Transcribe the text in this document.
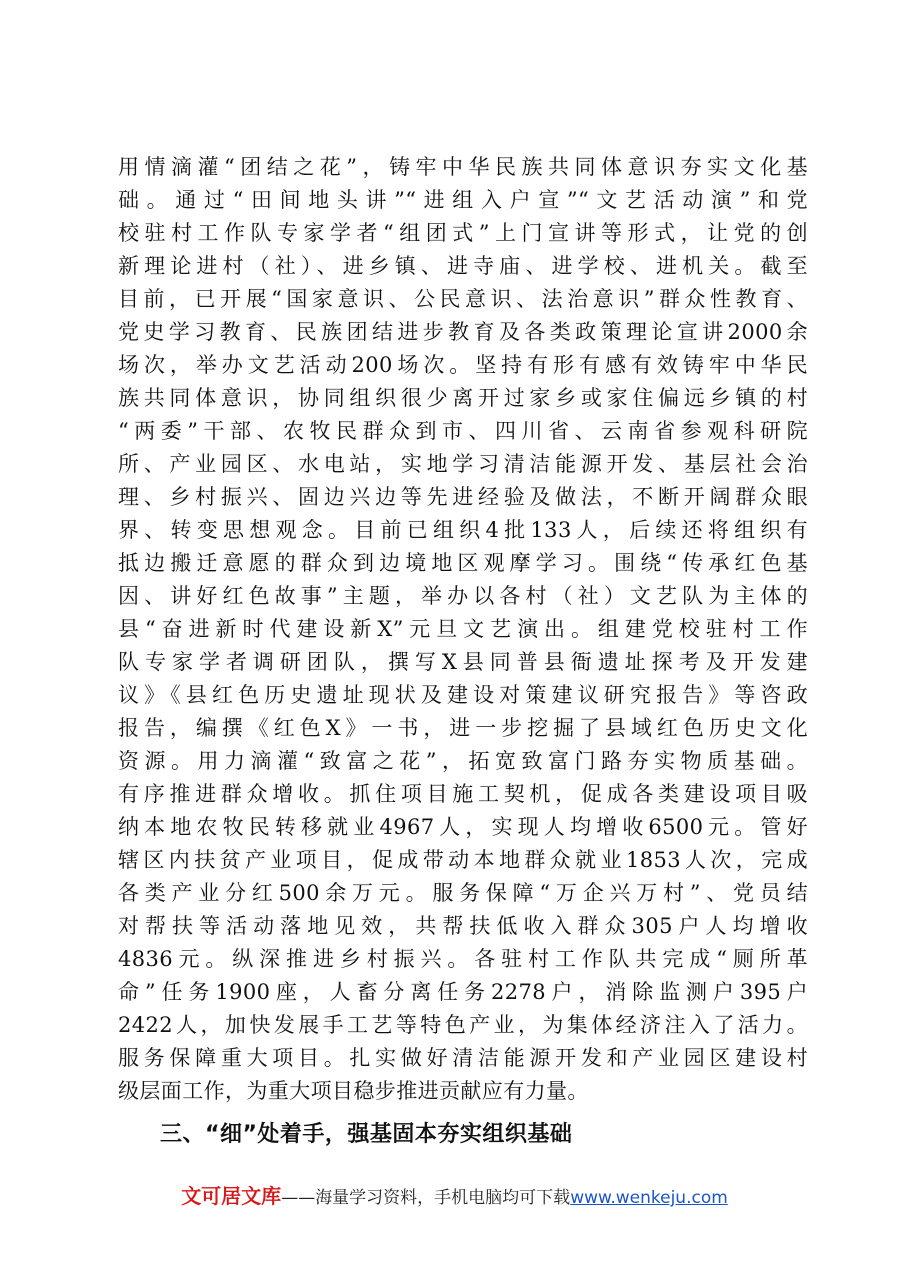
用情滴灌“团结之花”，铸牢中华民族共同体意识夯实文化基
础。通过“田间地头讲”“进组入户宣”“文艺活动演”和党
校驻村工作队专家学者“组团式”上门宣讲等形式，让党的创
新理论进村（社）、进乡镇、进寺庙、进学校、进机关。截至
目前，已开展“国家意识、公民意识、法治意识”群众性教育、
党史学习教育、民族团结进步教育及各类政策理论宣讲2000余
场次，举办文艺活动200场次。坚持有形有感有效铸牢中华民
族共同体意识，协同组织很少离开过家乡或家住偏远乡镇的村
“两委”干部、农牧民群众到市、四川省、云南省参观科研院
所、产业园区、水电站，实地学习清洁能源开发、基层社会治
理、乡村振兴、固边兴边等先进经验及做法，不断开阔群众眼
界、转变思想观念。目前已组织4批133人，后续还将组织有
抵边搬迁意愿的群众到边境地区观摩学习。围绕“传承红色基
因、讲好红色故事”主题，举办以各村（社）文艺队为主体的
县“奋进新时代建设新X”元旦文艺演出。组建党校驻村工作
队专家学者调研团队，撰写X县同普县衙遗址探考及开发建
议》《县红色历史遗址现状及建设对策建议研究报告》等咨政
报告，编撰《红色X》一书，进一步挖掘了县域红色历史文化
资源。用力滴灌“致富之花”，拓宽致富门路夯实物质基础。
有序推进群众增收。抓住项目施工契机，促成各类建设项目吸
纳本地农牧民转移就业4967人，实现人均增收6500元。管好
辖区内扶贫产业项目，促成带动本地群众就业1853人次，完成
各类产业分红500余万元。服务保障“万企兴万村”、党员结
对帮扶等活动落地见效，共帮扶低收入群众305户人均增收
4836元。纵深推进乡村振兴。各驻村工作队共完成“厕所革
命”任务1900座，人畜分离任务2278户，消除监测户395户
2422人，加快发展手工艺等特色产业，为集体经济注入了活力。
服务保障重大项目。扎实做好清洁能源开发和产业园区建设村
级层面工作，为重大项目稳步推进贡献应有力量。
三、“细”处着手，强基固本夯实组织基础
文可居文库——海量学习资料，手机电脑均可下载www.wenkeju.com
